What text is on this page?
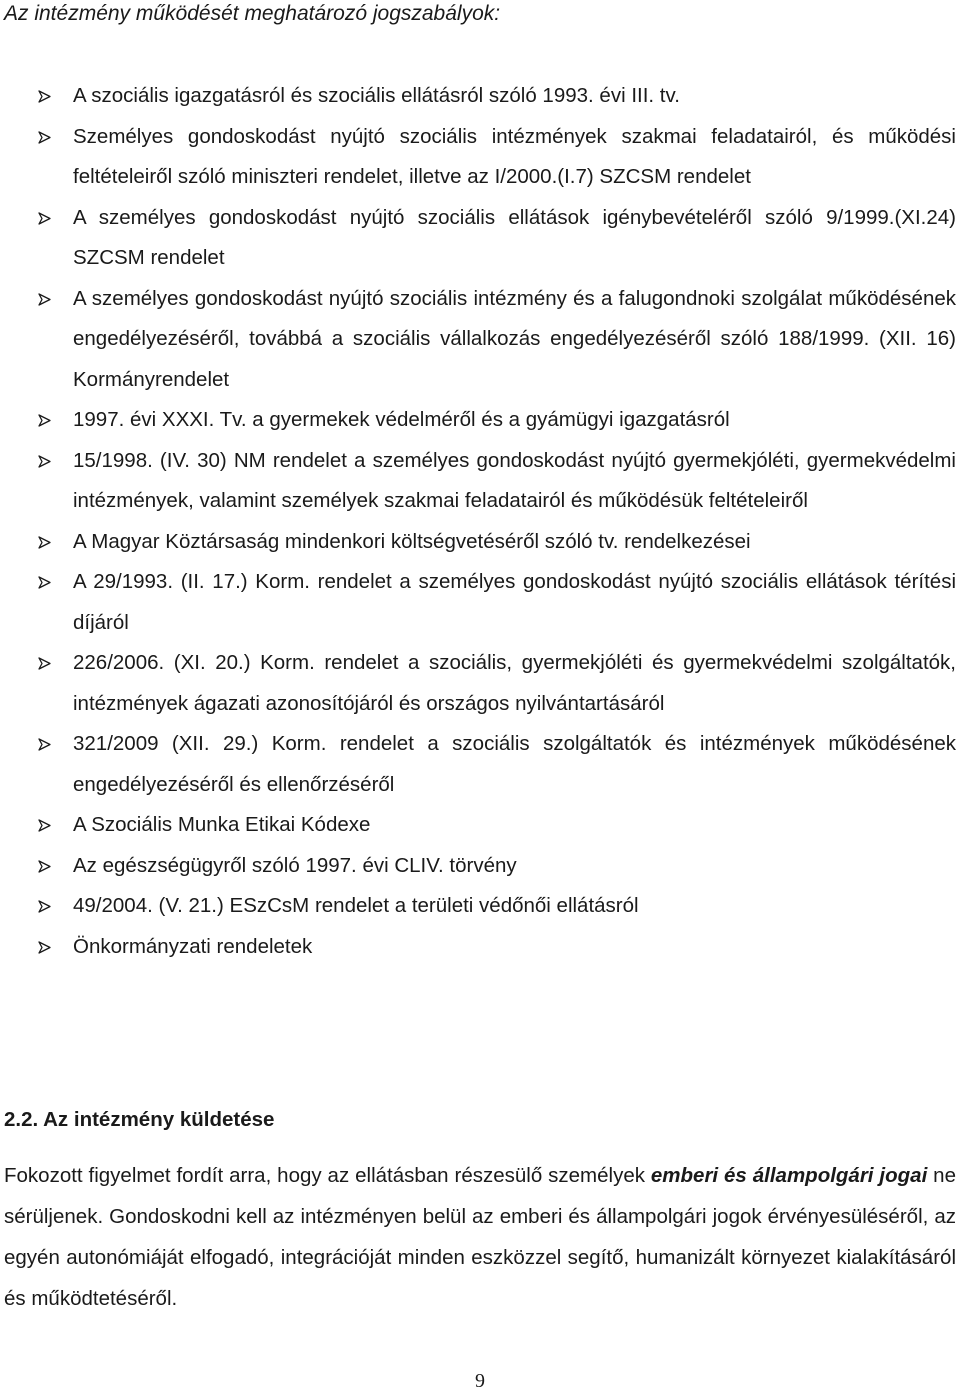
Az intézmény működését meghatározó jogszabályok:
A szociális igazgatásról és szociális ellátásról szóló 1993. évi III. tv.
Személyes gondoskodást nyújtó szociális intézmények szakmai feladatairól, és működési feltételeiről szóló miniszteri rendelet, illetve az I/2000.(I.7) SZCSM rendelet
A személyes gondoskodást nyújtó szociális ellátások igénybevételéről szóló 9/1999.(XI.24) SZCSM rendelet
A személyes gondoskodást nyújtó szociális intézmény és a falugondnoki szolgálat működésének engedélyezéséről, továbbá a szociális vállalkozás engedélyezéséről szóló 188/1999. (XII. 16) Kormányrendelet
1997. évi XXXI. Tv. a gyermekek védelméről és a gyámügyi igazgatásról
15/1998. (IV. 30) NM rendelet a személyes gondoskodást nyújtó gyermekjóléti, gyermekvédelmi intézmények, valamint személyek szakmai feladatairól és működésük feltételeiről
A Magyar Köztársaság mindenkori költségvetéséről szóló tv. rendelkezései
A 29/1993. (II. 17.) Korm. rendelet a személyes gondoskodást nyújtó szociális ellátások térítési díjáról
226/2006. (XI. 20.) Korm. rendelet a szociális, gyermekjóléti és gyermekvédelmi szolgáltatók, intézmények ágazati azonosítójáról és országos nyilvántartásáról
321/2009 (XII. 29.) Korm. rendelet a szociális szolgáltatók és intézmények működésének engedélyezéséről és ellenőrzéséről
A Szociális Munka Etikai Kódexe
Az egészségügyről szóló 1997. évi CLIV. törvény
49/2004. (V. 21.) ESzCsM rendelet a területi védőnői ellátásról
Önkormányzati rendeletek
2.2. Az intézmény küldetése

Fokozott figyelmet fordít arra, hogy az ellátásban részesülő személyek emberi és állampolgári jogai ne sérüljenek. Gondoskodni kell az intézményen belül az emberi és állampolgári jogok érvényesüléséről, az egyén autonómiáját elfogadó, integrációját minden eszközzel segítő, humanizált környezet kialakításáról és működtetéséről.

9
